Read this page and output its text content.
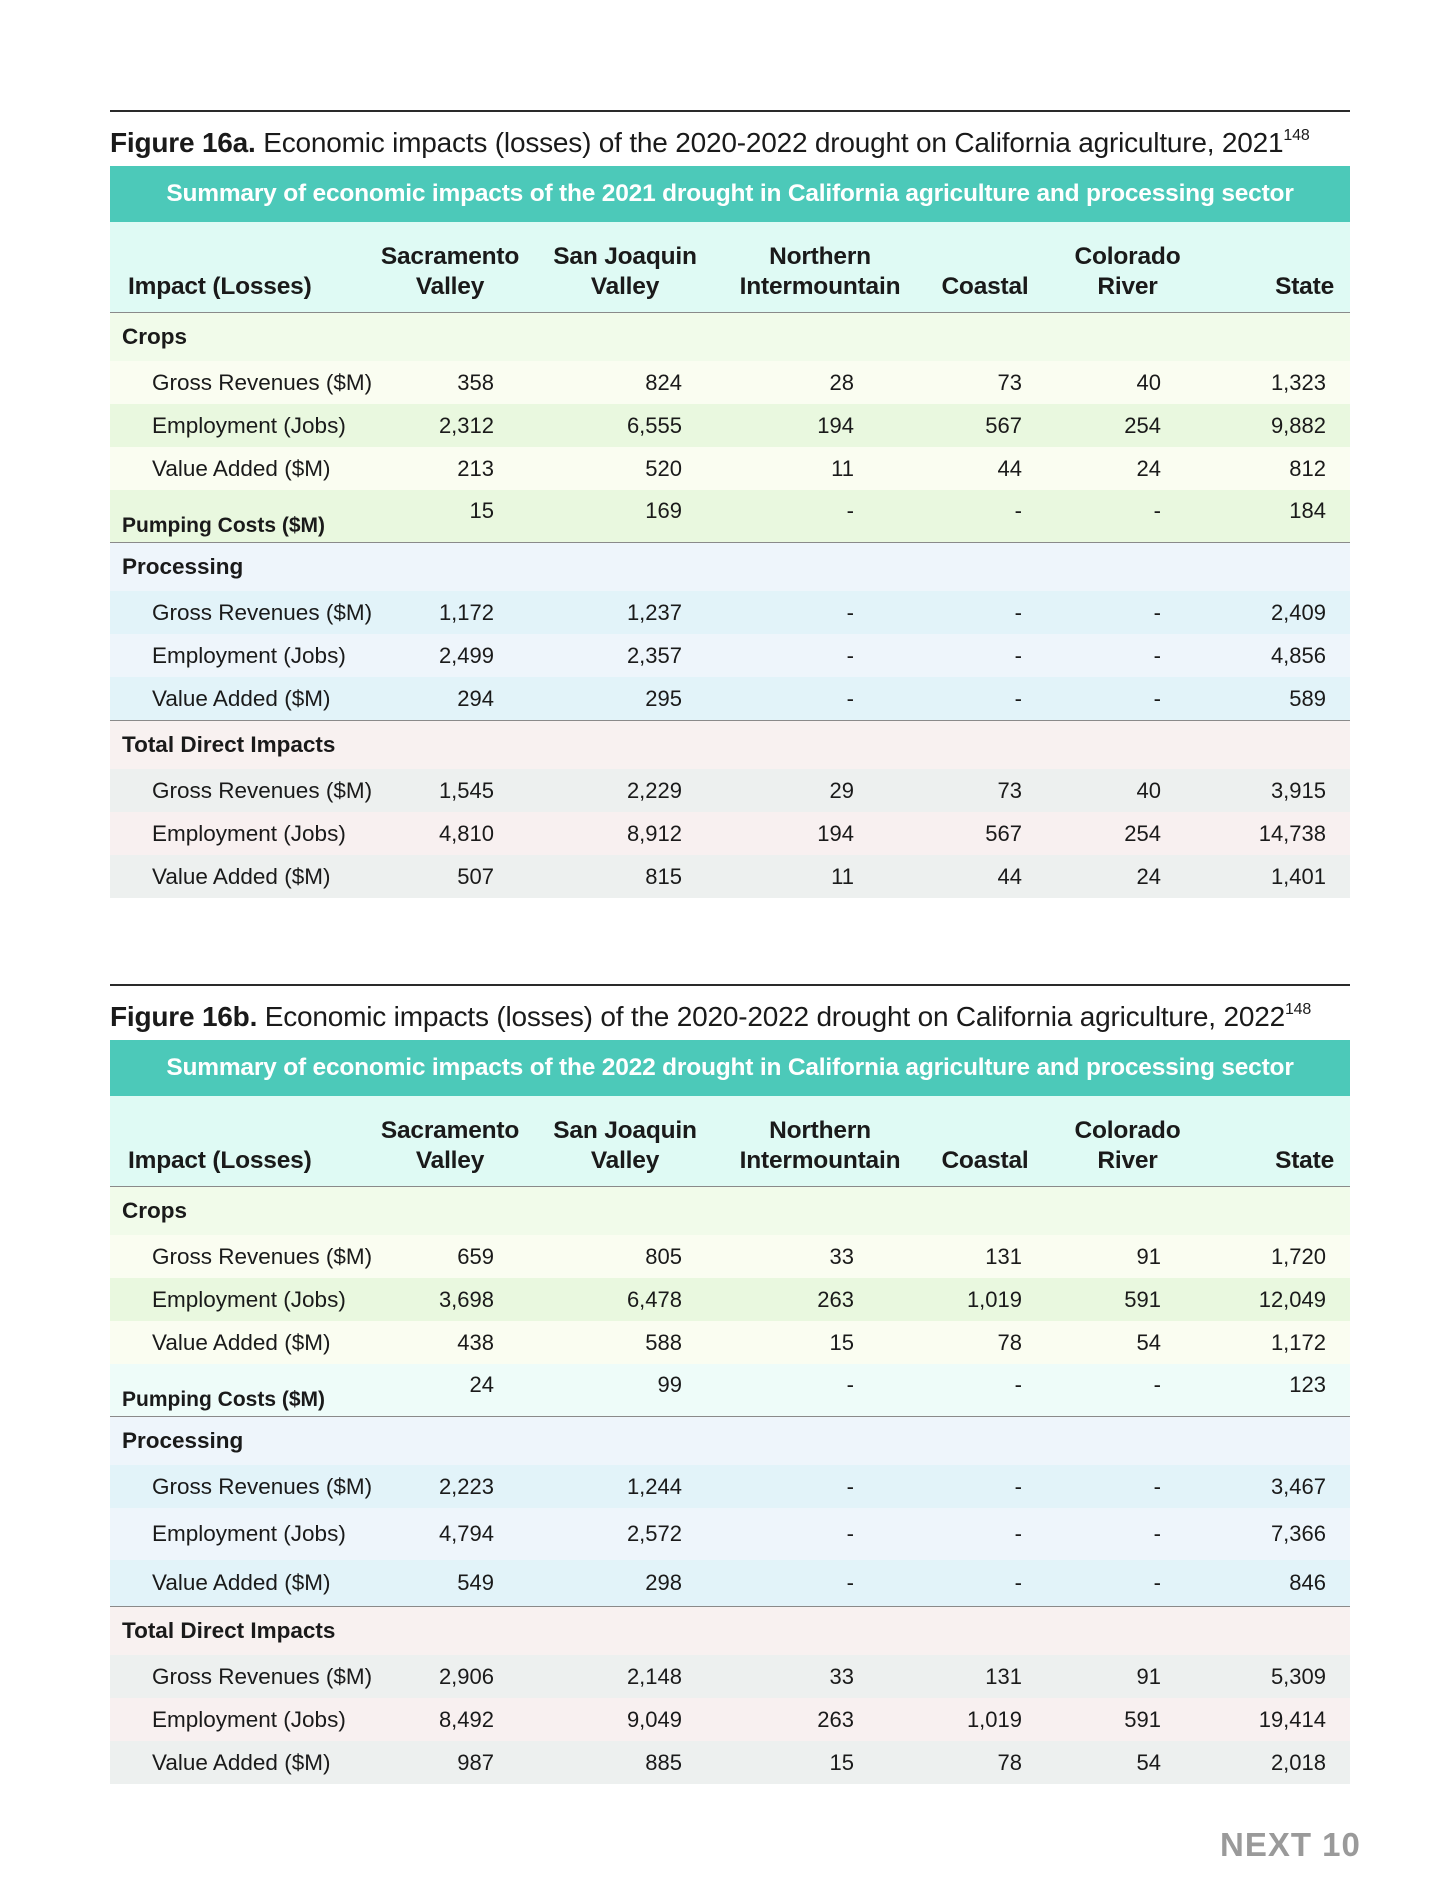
Figure 16a. Economic impacts (losses) of the 2020-2022 drought on California agriculture, 2021$^{148}$
Summary of economic impacts of the 2021 drought in California agriculture and processing sector
Impact (Losses)	Sacramento Valley	San Joaquin Valley	Northern Intermountain	Coastal	Colorado River	State
Crops						
Gross Revenues ($M)	358	824	28	73	40	1,323
Employment (Jobs)	2,312	6,555	194	567	254	9,882
Value Added ($M)	213	520	11	44	24	812
Pumping Costs ($M)	15	169	-	-	-	184
Processing						
Gross Revenues ($M)	1,172	1,237	-	-	-	2,409
Employment (Jobs)	2,499	2,357	-	-	-	4,856
Value Added ($M)	294	295	-	-	-	589
Total Direct Impacts						
Gross Revenues ($M)	1,545	2,229	29	73	40	3,915
Employment (Jobs)	4,810	8,912	194	567	254	14,738
Value Added ($M)	507	815	11	44	24	1,401
Figure 16b. Economic impacts (losses) of the 2020-2022 drought on California agriculture, 2022$^{148}$
Summary of economic impacts of the 2022 drought in California agriculture and processing sector
Impact (Losses)	Sacramento Valley	San Joaquin Valley	Northern Intermountain	Coastal	Colorado River	State
Crops						
Gross Revenues ($M)	659	805	33	131	91	1,720
Employment (Jobs)	3,698	6,478	263	1,019	591	12,049
Value Added ($M)	438	588	15	78	54	1,172
Pumping Costs ($M)	24	99	-	-	-	123
Processing						
Gross Revenues ($M)	2,223	1,244	-	-	-	3,467
Employment (Jobs)	4,794	2,572	-	-	-	7,366
Value Added ($M)	549	298	-	-	-	846
Total Direct Impacts						
Gross Revenues ($M)	2,906	2,148	33	131	91	5,309
Employment (Jobs)	8,492	9,049	263	1,019	591	19,414
Value Added ($M)	987	885	15	78	54	2,018
NEXT 10
